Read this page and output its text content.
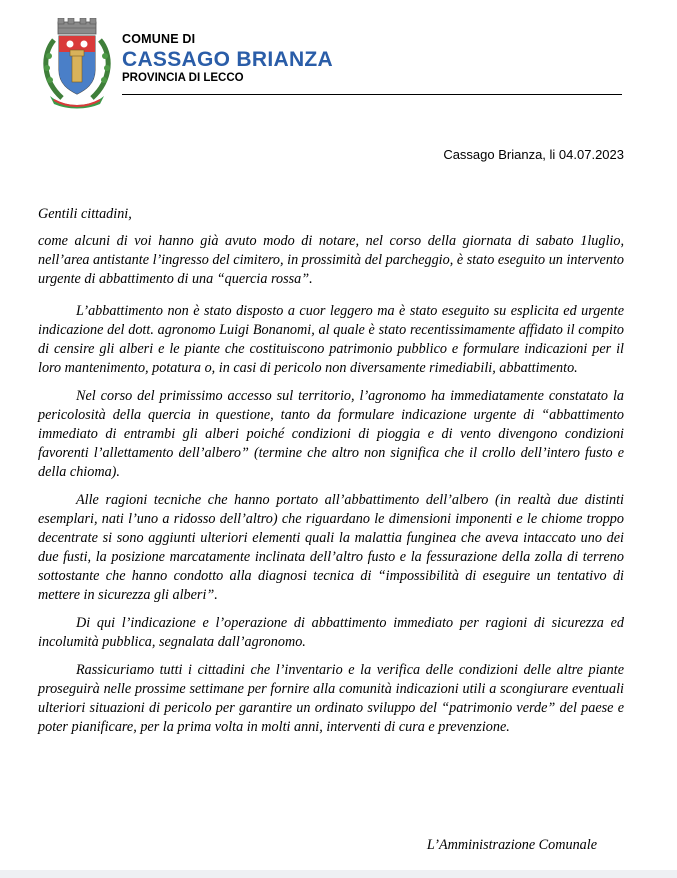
COMUNE DI
CASSAGO BRIANZA
PROVINCIA DI LECCO
Cassago Brianza, li 04.07.2023

Gentili cittadini,

come alcuni di voi hanno già avuto modo di notare, nel corso della giornata di sabato 1luglio, nell’area antistante l’ingresso del cimitero, in prossimità del parcheggio, è stato eseguito un intervento urgente di abbattimento di una “quercia rossa”.

L’abbattimento non è stato disposto a cuor leggero ma è stato eseguito su esplicita ed urgente indicazione del dott. agronomo Luigi Bonanomi, al quale è stato recentissimamente affidato il compito di censire gli alberi e le piante che costituiscono patrimonio pubblico e formulare indicazioni per il loro mantenimento, potatura o, in casi di pericolo non diversamente rimediabili, abbattimento.

Nel corso del primissimo accesso sul territorio, l’agronomo ha immediatamente constatato la pericolosità della quercia in questione, tanto da formulare indicazione urgente di “abbattimento immediato di entrambi gli alberi poiché condizioni di pioggia e di vento divengono condizioni favorenti l’allettamento dell’albero” (termine che altro non significa che il crollo dell’intero fusto e della chioma).

Alle ragioni tecniche che hanno portato all’abbattimento dell’albero (in realtà due distinti esemplari, nati l’uno a ridosso dell’altro) che riguardano le dimensioni imponenti e le chiome troppo decentrate si sono aggiunti ulteriori elementi quali la malattia funginea che aveva intaccato uno dei due fusti, la posizione marcatamente inclinata dell’altro fusto e la fessurazione della zolla di terreno sottostante che hanno condotto alla diagnosi tecnica di “impossibilità di eseguire un tentativo di mettere in sicurezza gli alberi”.

Di qui l’indicazione e l’operazione di abbattimento immediato per ragioni di sicurezza ed incolumità pubblica, segnalata dall’agronomo.

Rassicuriamo tutti i cittadini che l’inventario e la verifica delle condizioni delle altre piante proseguirà nelle prossime settimane per fornire alla comunità indicazioni utili a scongiurare eventuali ulteriori situazioni di pericolo per garantire un ordinato sviluppo del “patrimonio verde” del paese e poter pianificare, per la prima volta in molti anni, interventi di cura e prevenzione.

L’Amministrazione Comunale
